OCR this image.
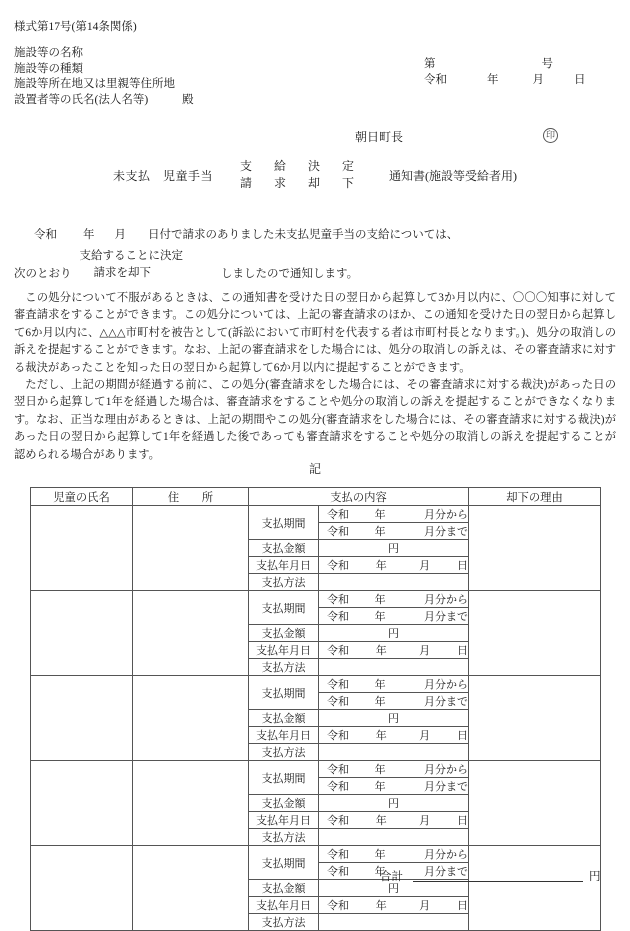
様式第17号(第14条関係)
施設等の名称
施設等の種類
施設等所在地又は里親等住所地
設置者等の氏名(法人名等)	殿
第	号
令和	年	月	日
朝日町長	印
未支払　児童手当
支　給　決　定
請　求　却　下
通知書(施設等受給者用)
令和 年 月 日付で請求のありました未支払児童手当の支給については、
次のとおり
支給することに決定
請求を却下	しましたので通知します。

この処分について不服があるときは、この通知書を受けた日の翌日から起算して3か月以内に、〇〇〇知事に対して審査請求をすることができます。この処分については、上記の審査請求のほか、この通知を受けた日の翌日から起算して6か月以内に、△△△市町村を被告として(訴訟において市町村を代表する者は市町村長となります。)、処分の取消しの訴えを提起することができます。なお、上記の審査請求をした場合には、処分の取消しの訴えは、その審査請求に対する裁決があったことを知った日の翌日から起算して6か月以内に提起することができます。

ただし、上記の期間が経過する前に、この処分(審査請求をした場合には、その審査請求に対する裁決)があった日の翌日から起算して1年を経過した場合は、審査請求をすることや処分の取消しの訴えを提起することができなくなります。なお、正当な理由があるときは、上記の期間やこの処分(審査請求をした場合には、その審査請求に対する裁決)があった日の翌日から起算して1年を経過した後であっても審査請求をすることや処分の取消しの訴えを提起することが認められる場合があります。

記
児童の氏名	住　　所	支払の内容		却下の理由
		支払期間	令和 年 月分から	

			令和 年 月分まで	

		支払金額	円	
		支払年月日	令和 年 月 日	

		支払方法		
		支払期間	令和 年 月分から	

			令和 年 月分まで	

		支払金額	円	
		支払年月日	令和 年 月 日	

		支払方法		
		支払期間	令和 年 月分から	

			令和 年 月分まで	

		支払金額	円	
		支払年月日	令和 年 月 日	

		支払方法		
		支払期間	令和 年 月分から	

			令和 年 月分まで	

		支払金額	円	
		支払年月日	令和 年 月 日	

		支払方法		
		支払期間	令和 年 月分から	

			令和 年 月分まで	

		支払金額	円	
		支払年月日	令和 年 月 日	

		支払方法		
合計	円
